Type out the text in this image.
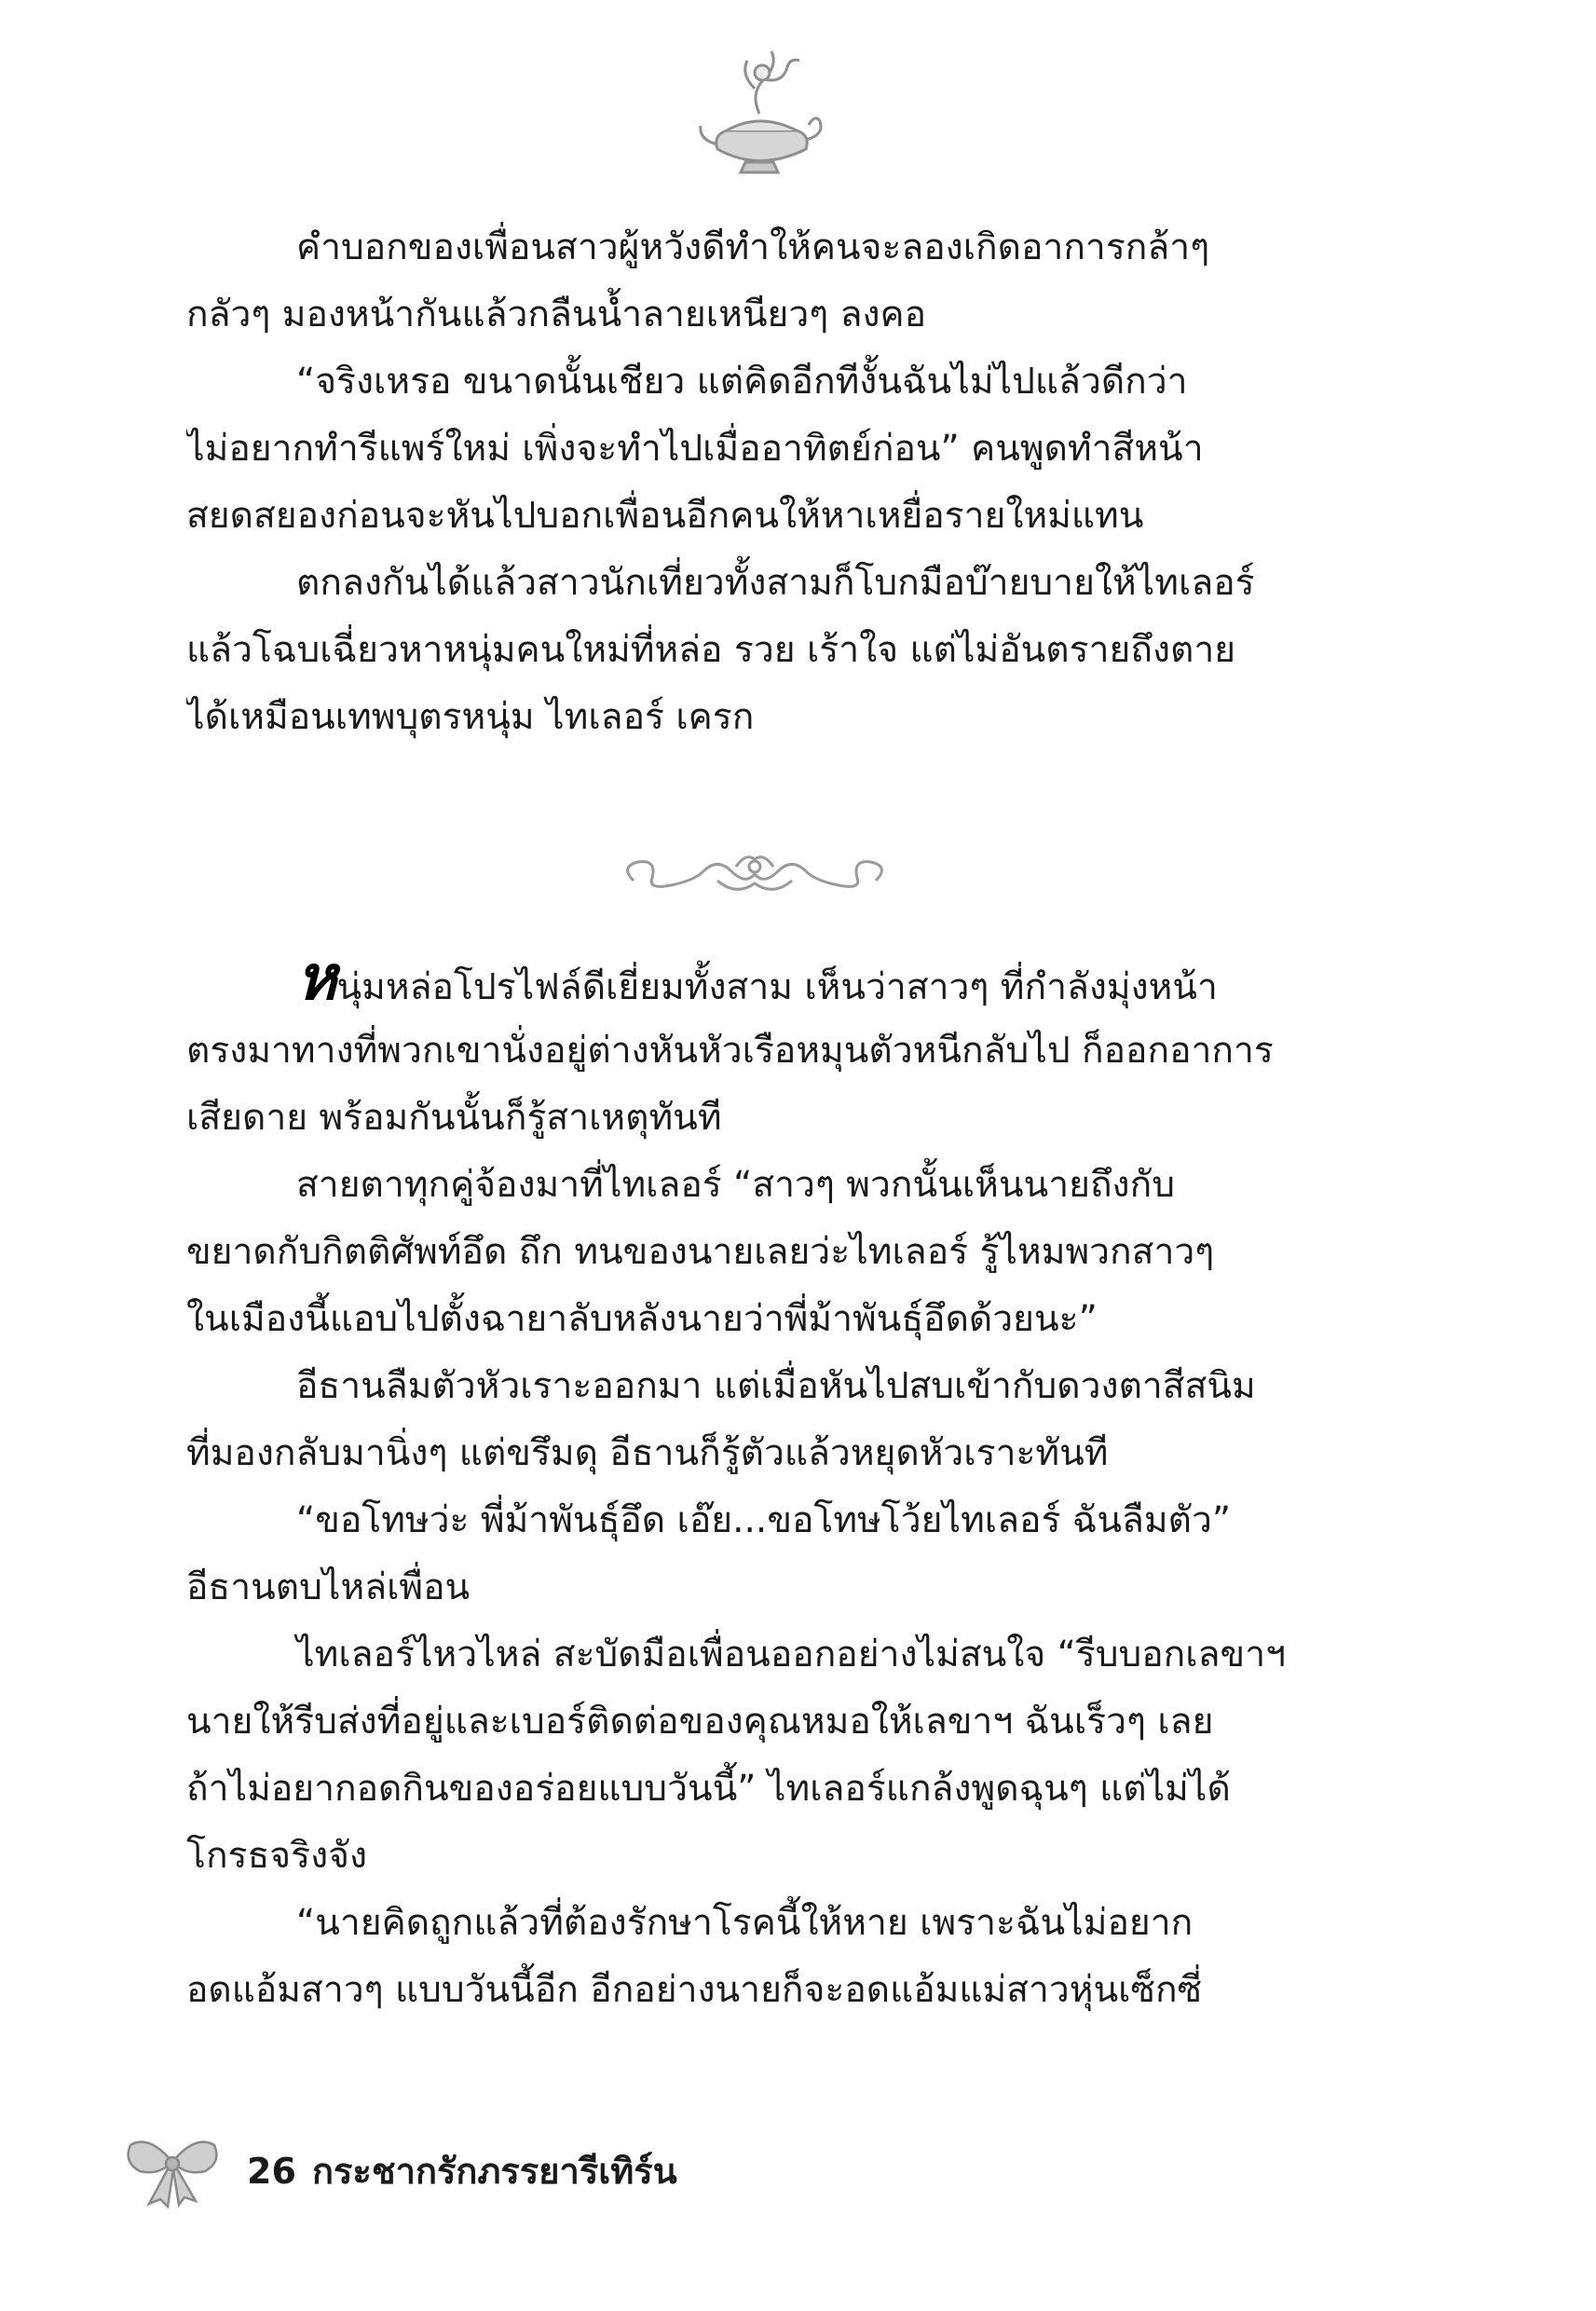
คำบอกของเพื่อนสาวผู้หวังดีทำให้คนจะลองเกิดอาการกล้าๆ
กลัวๆ มองหน้ากันแล้วกลืนน้ำลายเหนียวๆ ลงคอ
“จริงเหรอ ขนาดนั้นเชียว แต่คิดอีกทีงั้นฉันไม่ไปแล้วดีกว่า
ไม่อยากทำรีแพร์ใหม่ เพิ่งจะทำไปเมื่ออาทิตย์ก่อน” คนพูดทำสีหน้า
สยดสยองก่อนจะหันไปบอกเพื่อนอีกคนให้หาเหยื่อรายใหม่แทน
ตกลงกันได้แล้วสาวนักเที่ยวทั้งสามก็โบกมือบ๊ายบายให้ไทเลอร์
แล้วโฉบเฉี่ยวหาหนุ่มคนใหม่ที่หล่อ รวย เร้าใจ แต่ไม่อันตรายถึงตาย
ได้เหมือนเทพบุตรหนุ่ม ไทเลอร์ เครก
หนุ่มหล่อโปรไฟล์ดีเยี่ยมทั้งสาม เห็นว่าสาวๆ ที่กำลังมุ่งหน้า
ตรงมาทางที่พวกเขานั่งอยู่ต่างหันหัวเรือหมุนตัวหนีกลับไป ก็ออกอาการ
เสียดาย พร้อมกันนั้นก็รู้สาเหตุทันที
สายตาทุกคู่จ้องมาที่ไทเลอร์ “สาวๆ พวกนั้นเห็นนายถึงกับ
ขยาดกับกิตติศัพท์อึด ถึก ทนของนายเลยว่ะไทเลอร์ รู้ไหมพวกสาวๆ
ในเมืองนี้แอบไปตั้งฉายาลับหลังนายว่าพี่ม้าพันธุ์อึดด้วยนะ”
อีธานลืมตัวหัวเราะออกมา แต่เมื่อหันไปสบเข้ากับดวงตาสีสนิม
ที่มองกลับมานิ่งๆ แต่ขรึมดุ อีธานก็รู้ตัวแล้วหยุดหัวเราะทันที
“ขอโทษว่ะ พี่ม้าพันธุ์อึด เอ๊ย...ขอโทษโว้ยไทเลอร์ ฉันลืมตัว”
อีธานตบไหล่เพื่อน
ไทเลอร์ไหวไหล่ สะบัดมือเพื่อนออกอย่างไม่สนใจ “รีบบอกเลขาฯ
นายให้รีบส่งที่อยู่และเบอร์ติดต่อของคุณหมอให้เลขาฯ ฉันเร็วๆ เลย
ถ้าไม่อยากอดกินของอร่อยแบบวันนี้” ไทเลอร์แกล้งพูดฉุนๆ แต่ไม่ได้
โกรธจริงจัง
“นายคิดถูกแล้วที่ต้องรักษาโรคนี้ให้หาย เพราะฉันไม่อยาก
อดแอ้มสาวๆ แบบวันนี้อีก อีกอย่างนายก็จะอดแอ้มแม่สาวหุ่นเซ็กซี่
26 กระชากรักภรรยารีเทิร์น
